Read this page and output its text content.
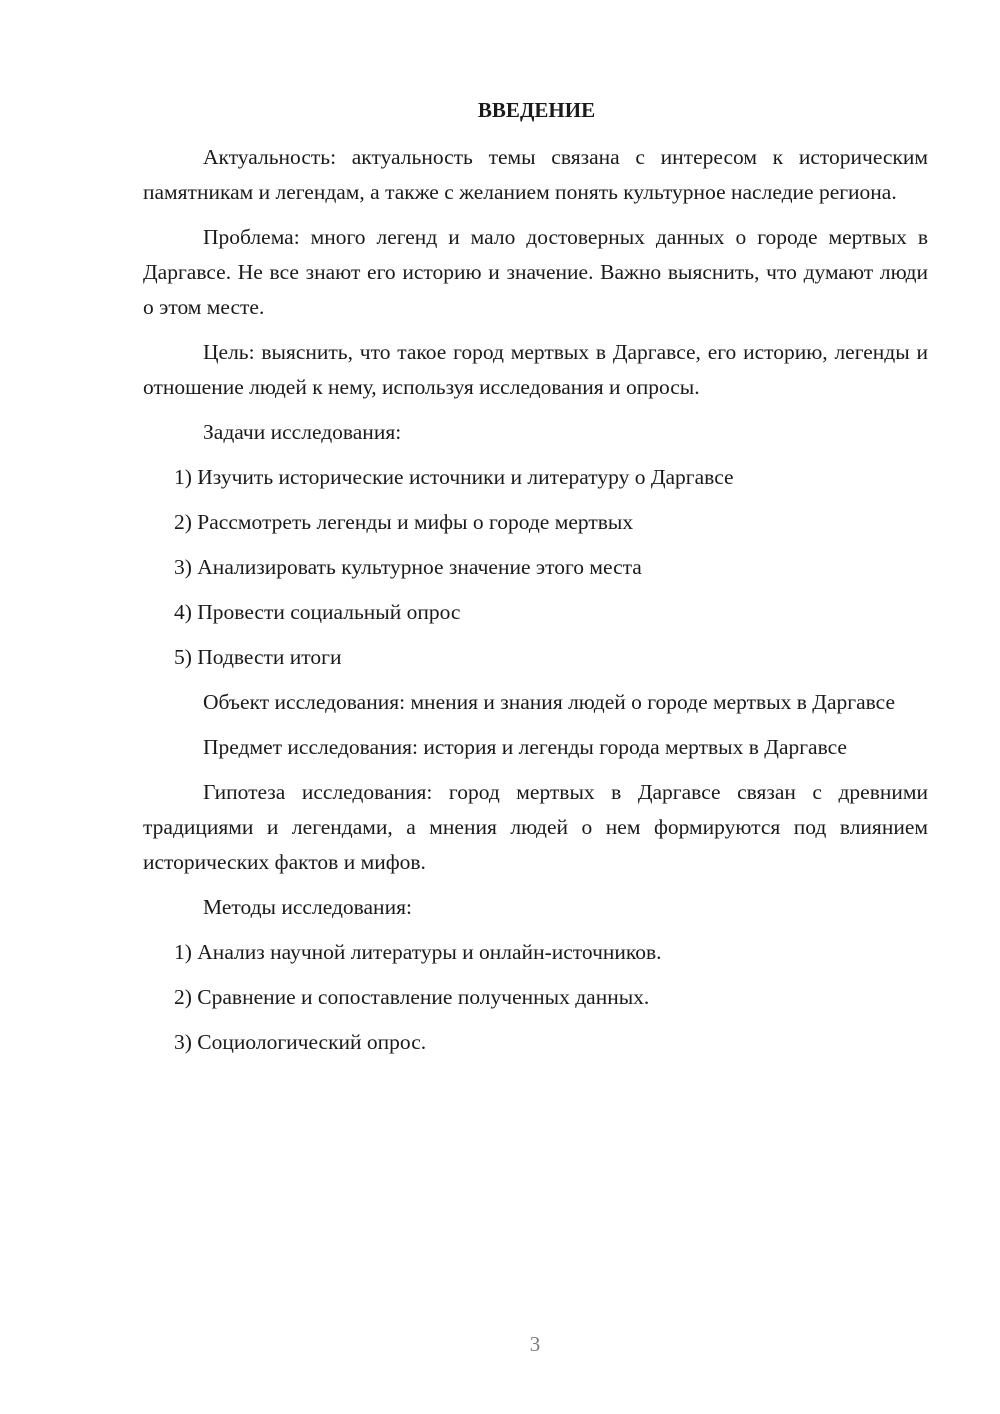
ВВЕДЕНИЕ

Актуальность: актуальность темы связана с интересом к историческим памятникам и легендам, а также с желанием понять культурное наследие региона.

Проблема: много легенд и мало достоверных данных о городе мертвых в Даргавсе. Не все знают его историю и значение. Важно выяснить, что думают люди о этом месте.

Цель: выяснить, что такое город мертвых в Даргавсе, его историю, легенды и отношение людей к нему, используя исследования и опросы.

Задачи исследования:

1) Изучить исторические источники и литературу о Даргавсе
2) Рассмотреть легенды и мифы о городе мертвых
3) Анализировать культурное значение этого места
4) Провести социальный опрос
5) Подвести итоги

Объект исследования: мнения и знания людей о городе мертвых в Даргавсе

Предмет исследования: история и легенды города мертвых в Даргавсе

Гипотеза исследования: город мертвых в Даргавсе связан с древними традициями и легендами, а мнения людей о нем формируются под влиянием исторических фактов и мифов.

Методы исследования:

1) Анализ научной литературы и онлайн-источников.
2) Сравнение и сопоставление полученных данных.
3) Социологический опрос.
3
